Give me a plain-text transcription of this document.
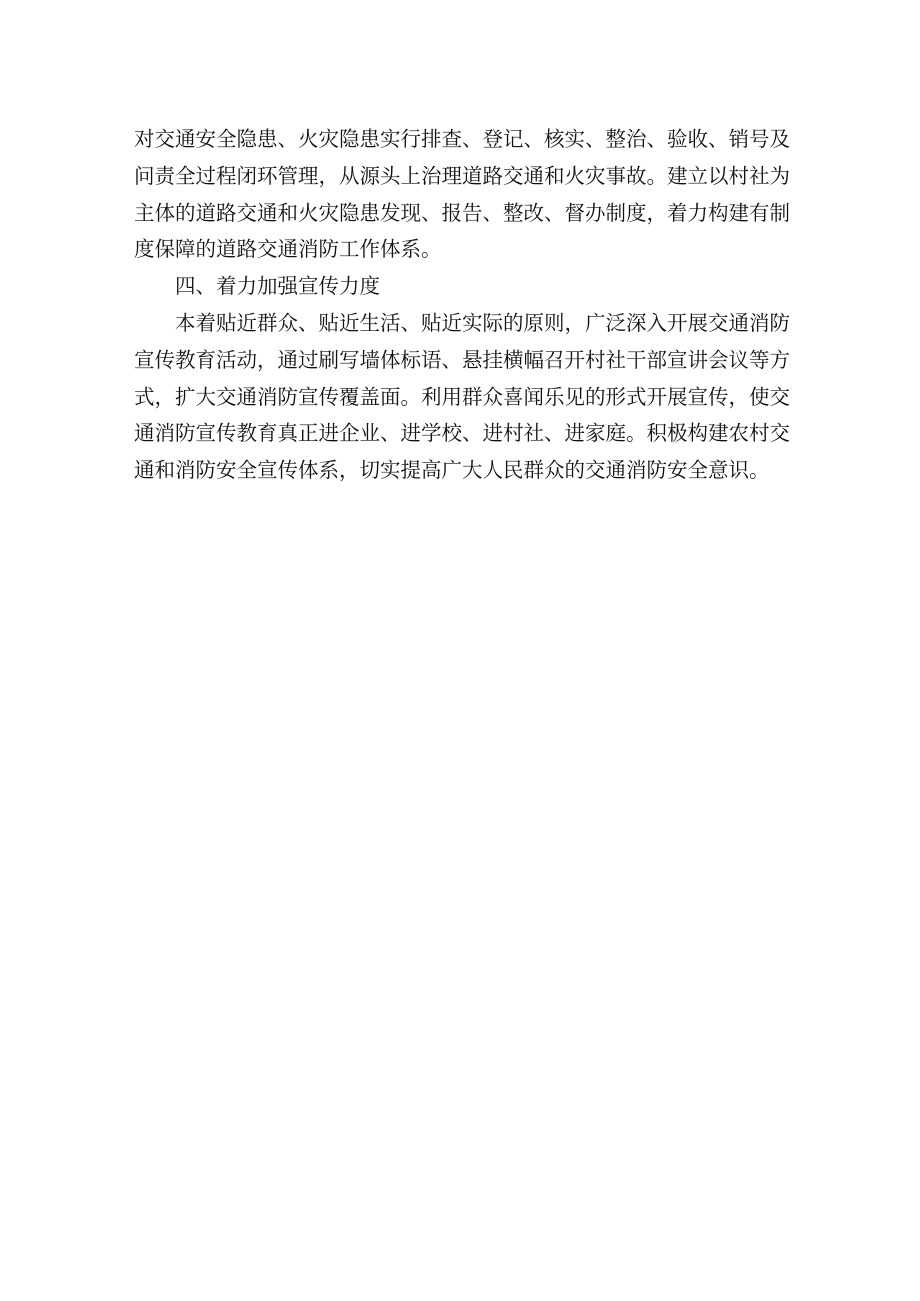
对交通安全隐患、火灾隐患实行排查、登记、核实、整治、验收、销号及
问责全过程闭环管理，从源头上治理道路交通和火灾事故。建立以村社为
主体的道路交通和火灾隐患发现、报告、整改、督办制度，着力构建有制
度保障的道路交通消防工作体系。
四、着力加强宣传力度
本着贴近群众、贴近生活、贴近实际的原则，广泛深入开展交通消防
宣传教育活动，通过刷写墙体标语、悬挂横幅召开村社干部宣讲会议等方
式，扩大交通消防宣传覆盖面。利用群众喜闻乐见的形式开展宣传，使交
通消防宣传教育真正进企业、进学校、进村社、进家庭。积极构建农村交
通和消防安全宣传体系，切实提高广大人民群众的交通消防安全意识。
